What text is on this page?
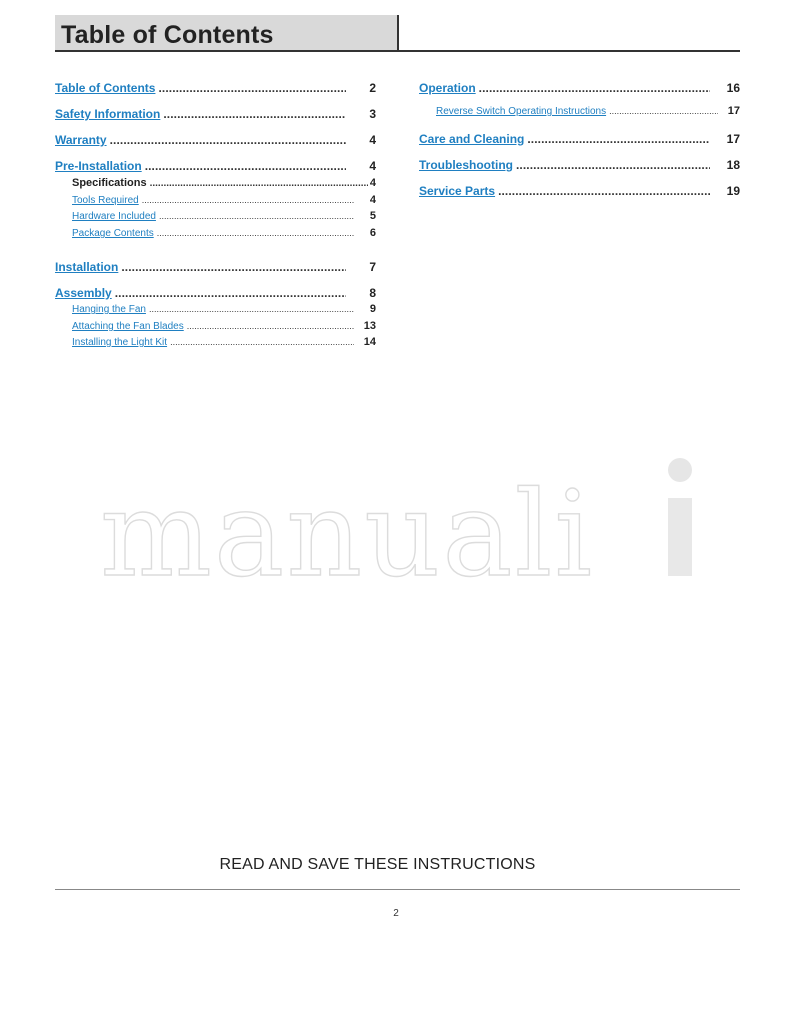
Table of Contents
Table of Contents .....	2
Safety Information .....	3
Warranty .....	4
Pre-Installation .....	4
Specifications .....	4
Tools Required .....	4
Hardware Included .....	5
Package Contents .....	6
Installation .....	7
Assembly .....	8
Hanging the Fan .....	9
Attaching the Fan Blades .....	13
Installing the Light Kit .....	14
Operation .....	16
Reverse Switch Operating Instructions .....	17
Care and Cleaning .....	17
Troubleshooting .....	18
Service Parts .....	19
manuali
READ AND SAVE THESE INSTRUCTIONS
2
